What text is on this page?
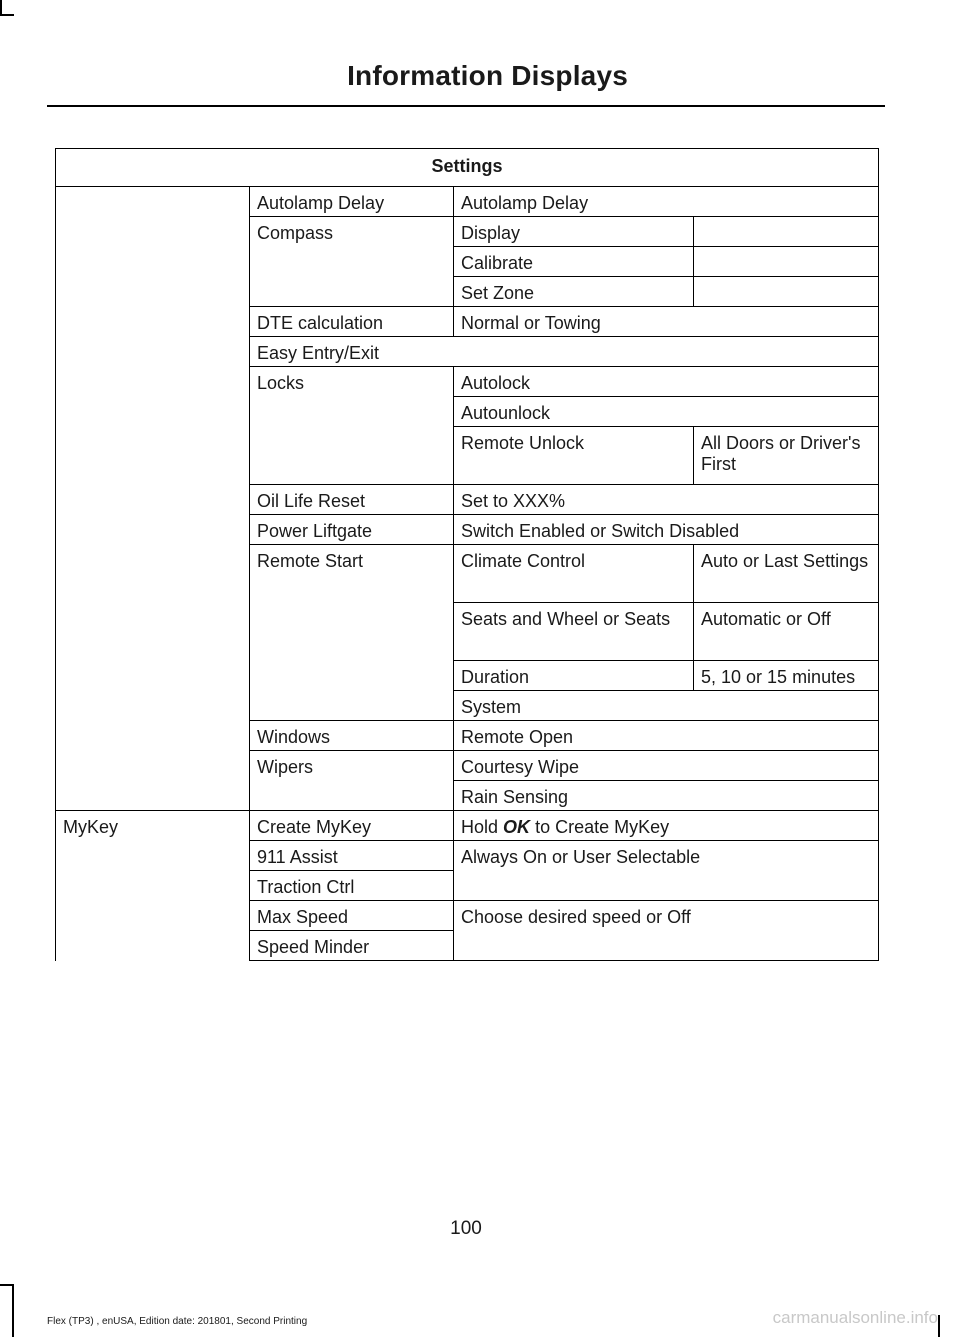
Information Displays
Settings			
	Autolamp Delay	Autolamp Delay	
	Compass	Display	
		Calibrate	
		Set Zone	
	DTE calculation	Normal or Towing	
	Easy Entry/Exit		
	Locks	Autolock	
		Autounlock	
		Remote Unlock	All Doors or Driver's First
	Oil Life Reset	Set to XXX%	
	Power Liftgate	Switch Enabled or Switch Disabled	
	Remote Start	Climate Control	Auto or Last Settings
		Seats and Wheel or Seats	Automatic or Off
		Duration	5, 10 or 15 minutes
		System	
	Windows	Remote Open	
	Wipers	Courtesy Wipe	
		Rain Sensing	

MyKey	Create MyKey	Hold OK to Create MyKey	
	911 Assist	Always On or User Selectable	
	Traction Ctrl		
	Max Speed	Choose desired speed or Off	
	Speed Minder		
100
Flex (TP3) , enUSA, Edition date: 201801, Second Printing	carmanualsonline.info
